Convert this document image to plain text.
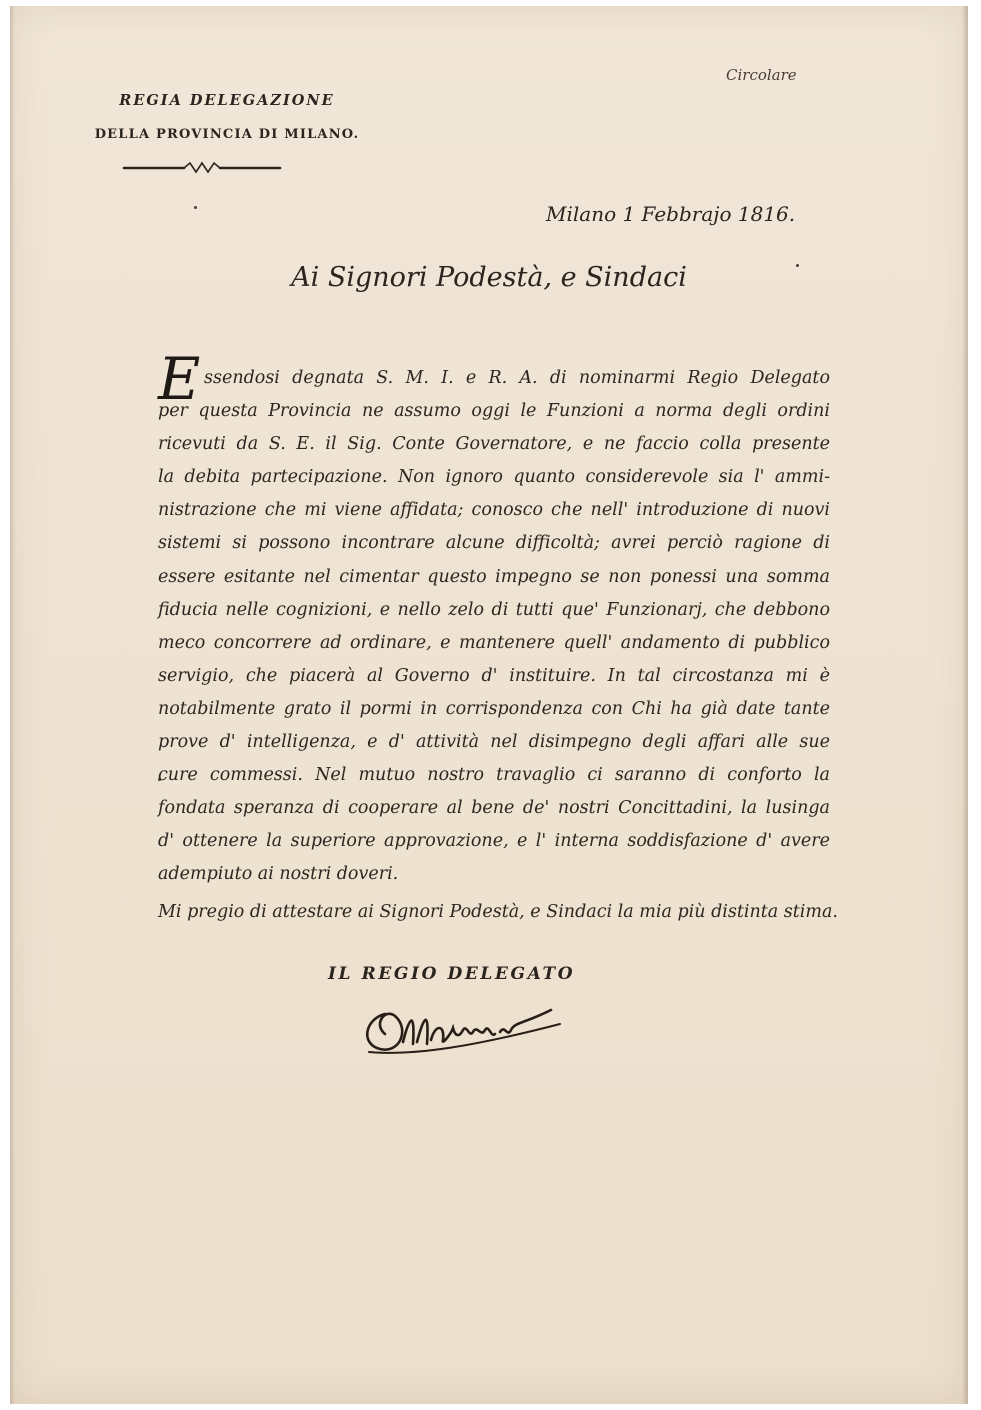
Circolare
REGIA DELEGAZIONE
DELLA PROVINCIA DI MILANO.
Milano 1 Febbrajo 1816.
Ai Signori Podestà, e Sindaci
E ssendosi degnata S. M. I. e R. A. di nominarmi Regio Delegato
per questa Provincia ne assumo oggi le Funzioni a norma degli ordini
ricevuti da S. E. il Sig. Conte Governatore, e ne faccio colla presente
la debita partecipazione. Non ignoro quanto considerevole sia l' ammi-
nistrazione che mi viene affidata; conosco che nell' introduzione di nuovi
sistemi si possono incontrare alcune difficoltà; avrei perciò ragione di
essere esitante nel cimentar questo impegno se non ponessi una somma
fiducia nelle cognizioni, e nello zelo di tutti que' Funzionarj, che debbono
meco concorrere ad ordinare, e mantenere quell' andamento di pubblico
servigio, che piacerà al Governo d' instituire. In tal circostanza mi è
notabilmente grato il pormi in corrispondenza con Chi ha già date tante
prove d' intelligenza, e d' attività nel disimpegno degli affari alle sue
cure commessi. Nel mutuo nostro travaglio ci saranno di conforto la
fondata speranza di cooperare al bene de' nostri Concittadini, la lusinga
d' ottenere la superiore approvazione, e l' interna soddisfazione d' avere
adempiuto ai nostri doveri.
Mi pregio di attestare ai Signori Podestà, e Sindaci la mia più distinta stima.
IL REGIO DELEGATO
